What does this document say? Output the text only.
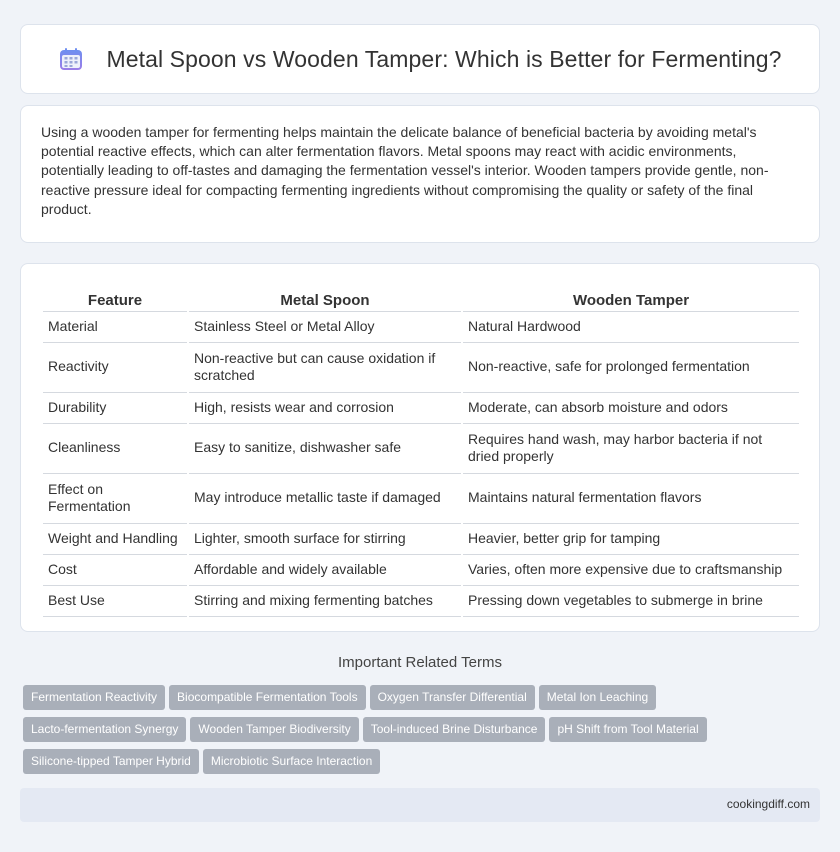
Metal Spoon vs Wooden Tamper: Which is Better for Fermenting?

Using a wooden tamper for fermenting helps maintain the delicate balance of beneficial bacteria by avoiding metal's potential reactive effects, which can alter fermentation flavors. Metal spoons may react with acidic environments, potentially leading to off-tastes and damaging the fermentation vessel's interior. Wooden tampers provide gentle, non-reactive pressure ideal for compacting fermenting ingredients without compromising the quality or safety of the final product.

Feature	Metal Spoon	Wooden Tamper
Material	Stainless Steel or Metal Alloy	Natural Hardwood
Reactivity	Non-reactive but can cause oxidation if scratched	Non-reactive, safe for prolonged fermentation
Durability	High, resists wear and corrosion	Moderate, can absorb moisture and odors
Cleanliness	Easy to sanitize, dishwasher safe	Requires hand wash, may harbor bacteria if not dried properly
Effect on Fermentation	May introduce metallic taste if damaged	Maintains natural fermentation flavors
Weight and Handling	Lighter, smooth surface for stirring	Heavier, better grip for tamping
Cost	Affordable and widely available	Varies, often more expensive due to craftsmanship
Best Use	Stirring and mixing fermenting batches	Pressing down vegetables to submerge in brine
Important Related Terms
Fermentation Reactivity Biocompatible Fermentation Tools Oxygen Transfer Differential Metal Ion Leaching
Lacto-fermentation Synergy Wooden Tamper Biodiversity Tool-induced Brine Disturbance pH Shift from Tool Material
Silicone-tipped Tamper Hybrid Microbiotic Surface Interaction
cookingdiff.com
